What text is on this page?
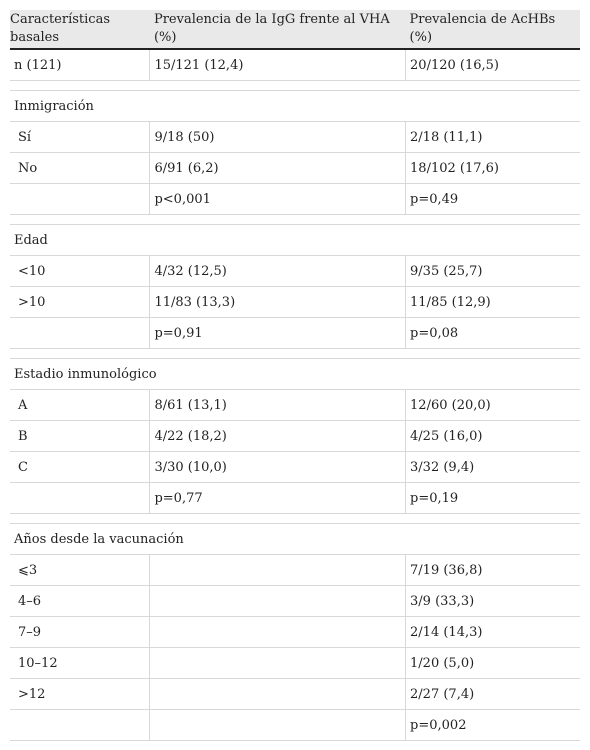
Características basales	Prevalencia de la IgG frente al VHA (%)	Prevalencia de AcHBs (%)
n (121)	15/121 (12,4)	20/120 (16,5)

Inmigración		
Sí	9/18 (50)	2/18 (11,1)
No	6/91 (6,2)	18/102 (17,6)
	p<0,001	p=0,49

Edad		
<10	4/32 (12,5)	9/35 (25,7)
>10	11/83 (13,3)	11/85 (12,9)
	p=0,91	p=0,08

Estadio inmunológico		
A	8/61 (13,1)	12/60 (20,0)
B	4/22 (18,2)	4/25 (16,0)
C	3/30 (10,0)	3/32 (9,4)
	p=0,77	p=0,19

Años desde la vacunación		
⩽3		7/19 (36,8)
4–6		3/9 (33,3)
7–9		2/14 (14,3)
10–12		1/20 (5,0)
>12		2/27 (7,4)
		p=0,002
